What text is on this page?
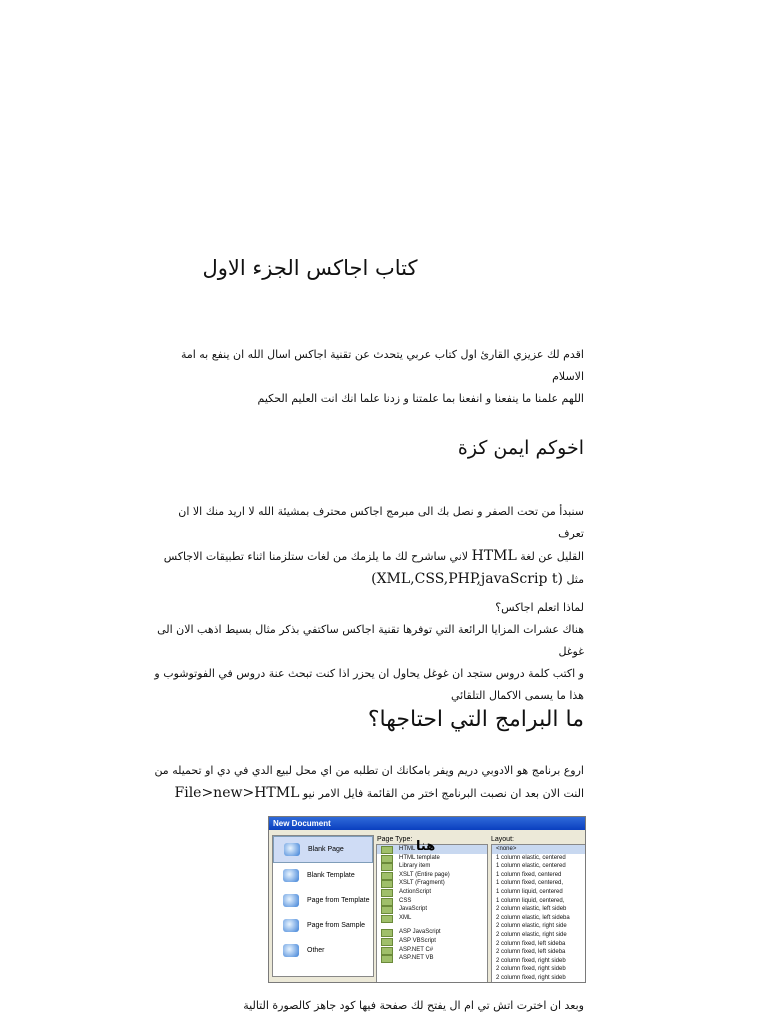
كتاب اجاكس الجزء الاول
اقدم لك عزيزي القارئ اول كتاب عربي يتحدث عن تقنية اجاكس اسال الله ان ينفع به امة الاسلام
اللهم علمنا ما ينفعنا و انفعنا بما علمتنا و زدنا علما انك انت العليم الحكيم
اخوكم ايمن كزة
سنبدأ من تحت الصفر و نصل بك الى مبرمج اجاكس محترف بمشيئة الله لا اريد منك الا ان تعرف
القليل عن لغة HTML لاني ساشرح لك ما يلزمك من لغات ستلزمنا اثناء تطبيقات الاجاكس
مثل (XML,CSS,PHP,javaScrip t)
لماذا اتعلم اجاكس؟
هناك عشرات المزايا الرائعة التي توفرها تقنية اجاكس ساكتفي بذكر مثال بسيط اذهب الان الى غوغل
و اكتب كلمة دروس ستجد ان غوغل يحاول ان يحزر اذا كنت تبحث عنة دروس في الفوتوشوب و
هذا ما يسمى الاكمال التلقائي
ما البرامج التي احتاجها؟
اروع برنامج هو الادوبي دريم ويفر بامكانك ان تطلبه من اي محل لبيع الدي في دي او تحميله من
النت الان بعد ان نصبت البرنامج اختر من القائمة فايل الامر نيو File>new>HTML
New Document
Blank Page
Blank Template
Page from Template
Page from Sample
Other
Page Type:	Layout:
HTML
HTML template
Library item
XSLT (Entire page)
XSLT (Fragment)
ActionScript
CSS
JavaScript
XML
ASP JavaScript
ASP VBScript
ASP.NET C#
ASP.NET VB
<none>
1 column elastic, centered
1 column elastic, centered
1 column fixed, centered
1 column fixed, centered,
1 column liquid, centered
1 column liquid, centered,
2 column elastic, left sideb
2 column elastic, left sideba
2 column elastic, right side
2 column elastic, right side
2 column fixed, left sideba
2 column fixed, left sideba
2 column fixed, right sideb
2 column fixed, right sideb
2 column fixed, right sideb
هنا
وبعد ان اخترت اتش تي ام ال يفتح لك صفحة فيها كود جاهز كالصورة التالية
